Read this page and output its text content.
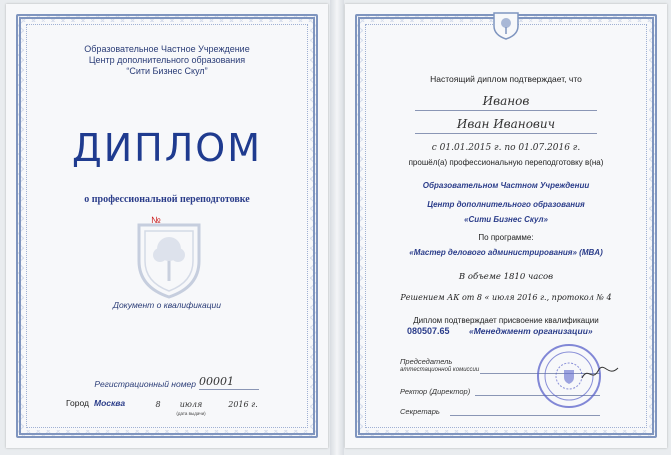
Образовательное Частное Учреждение
Центр дополнительного образования
“Сити Бизнес Скул”
ДИПЛОМ
о профессиональной переподготовке
№
Документ о квалификации
Регистрационный номер 00001
Город Москва	8	июля	2016 г.
(дата выдачи)
Настоящий диплом подтверждает, что
Иванов
Иван Иванович
с 01.01.2015 г. по 01.07.2016 г.
прошёл(а) профессиональную переподготовку в(на)
Образовательном Частном Учреждении
Центр дополнительного образования
«Сити Бизнес Скул»
По программе:
«Мастер делового администрирования» (MBA)
В объеме 1810 часов
Решением АК от 8 « июля 2016 г., протокол № 4
Диплом подтверждает присвоение квалификации
080507.65	«Менеджмент организации»
Председатель
аттестационной комиссии
Ректор (Директор)
Секретарь
